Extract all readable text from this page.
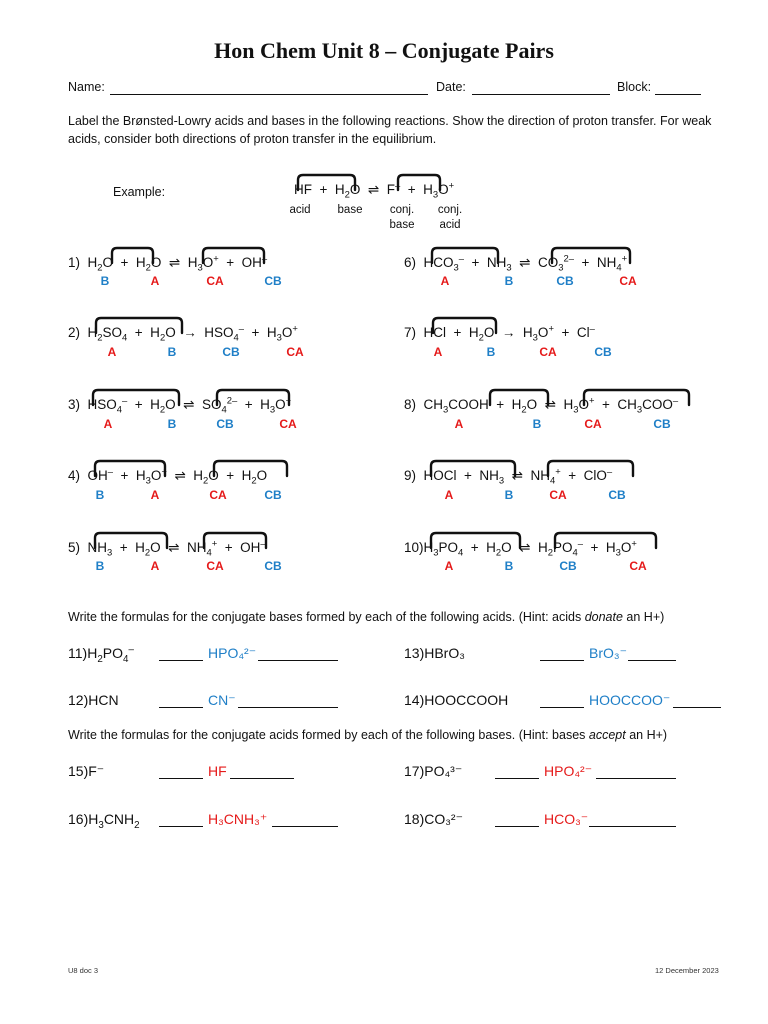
Hon Chem Unit 8 – Conjugate Pairs
Name:	Date:	Block:
Label the Brønsted-Lowry acids and bases in the following reactions. Show the direction of proton transfer. For weak acids, consider both directions of proton transfer in the equilibrium.
Example:	HF  +  $H_2O$  ⇌  $F^- + H_3O^+$
acid	base	conj. base
conj. acid
1)  $H_2O + H_2O$  ⇌  $H_3O^+ + OH^-$
B	A	CA	CB
2)  $H_2SO_4 + H_2O \to HSO_4^- + H_3O^+$
A	B	CB	CA
3)  $HSO_4^- + H_2O$  ⇌  $SO_4^{2-} + H_3O^+$
A	B	CB	CA
4)  $OH^- + H_3O^+$  ⇌  $H_2O + H_2O$
B	A	CA	CB
5)  $NH_3 + H_2O$  ⇌  $NH_4^+ + OH^-$
B	A	CA	CB
6)  $HCO_3^- + NH_3$  ⇌  $CO_3^{2-} + NH_4^+$
A	B	CB	CA
7)  HCl  +  $H_2O \to H_3O^+ + Cl^-$
A	B	CA	CB
8)  $CH_3COOH + H_2O$  ⇌  $H_3O^+ + CH_3COO^-$
A	B	CA	CB
9)  HOCl  +  $NH_3$  ⇌  $NH_4^+ + ClO^-$
A	B	CA	CB
$10)H_3PO_4 + H_2O$  ⇌  $H_2PO_4^- + H_3O^+$
A	B	CB	CA
Write the formulas for the conjugate bases formed by each of the following acids. (Hint: acids donate an H+)
$11)H_2PO_4^-$	HPO₄²⁻
12)HCN	CN⁻
13)HBrO₃	BrO₃⁻
14)HOOCCOOH	HOOCCOO⁻
Write the formulas for the conjugate acids formed by each of the following bases. (Hint: bases accept an H+)
15)F⁻	HF
$16)H_3CNH_2$	H₃CNH₃⁺
17)PO₄³⁻	HPO₄²⁻
18)CO₃²⁻	HCO₃⁻
U8 doc 3	12 December 2023
